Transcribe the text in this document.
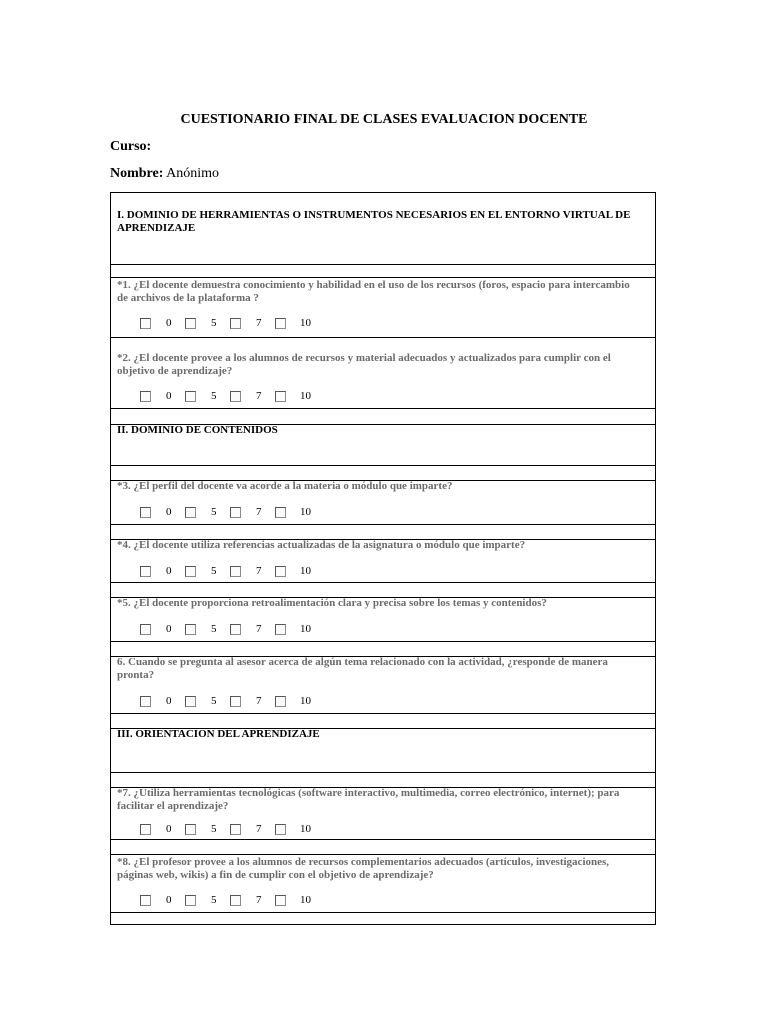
CUESTIONARIO FINAL DE CLASES EVALUACION DOCENTE
Curso:
Nombre: Anónimo
I. DOMINIO DE HERRAMIENTAS O INSTRUMENTOS NECESARIOS EN EL ENTORNO VIRTUAL DE APRENDIZAJE
II. DOMINIO DE CONTENIDOS
III. ORIENTACION DEL APRENDIZAJE
*1. ¿El docente demuestra conocimiento y habilidad en el uso de los recursos (foros, espacio para intercambio de archivos de la plataforma ?
0	5	7	10
*2. ¿El docente provee a los alumnos de recursos y material adecuados y actualizados para cumplir con el objetivo de aprendizaje?
0	5	7	10
*3. ¿El perfil del docente va acorde a la materia o módulo que imparte?
0	5	7	10
*4. ¿El docente utiliza referencias actualizadas de la asignatura o módulo que imparte?
0	5	7	10
*5. ¿El docente proporciona retroalimentación clara y precisa sobre los temas y contenidos?
0	5	7	10
6. Cuando se pregunta al asesor acerca de algún tema relacionado con la actividad, ¿responde de manera pronta?
0	5	7	10
*7. ¿Utiliza herramientas tecnológicas (software interactivo, multimedia, correo electrónico, internet); para facilitar el aprendizaje?
0	5	7	10
*8. ¿El profesor provee a los alumnos de recursos complementarios adecuados (artículos, investigaciones, páginas web, wikis) a fin de cumplir con el objetivo de aprendizaje?
0	5	7	10
